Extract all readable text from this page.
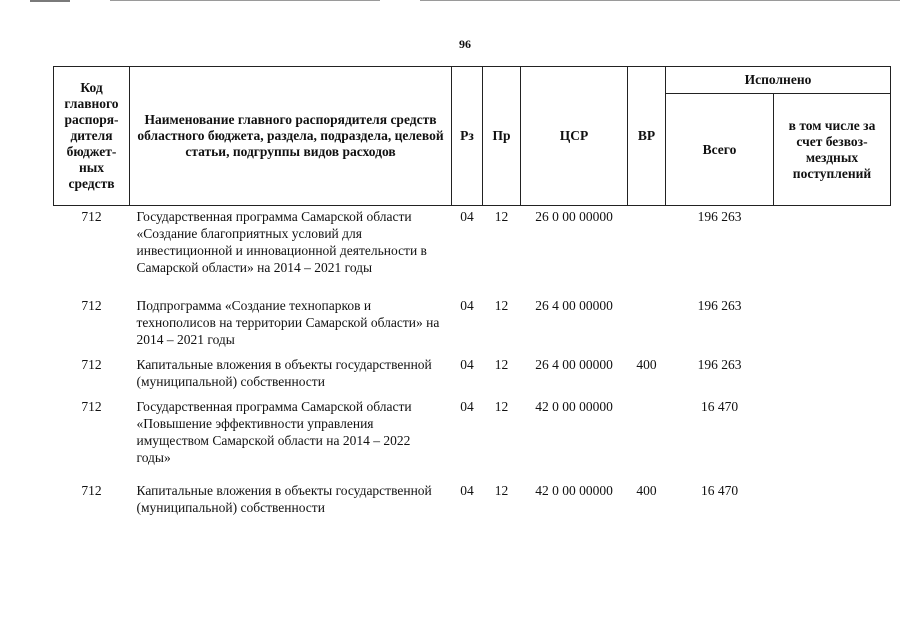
96
Код главного распоря-дителя бюджет-ных средств	Наименование главного распорядителя средств областного бюджета, раздела, подраздела, целевой статьи, подгруппы видов расходов	Рз	Пр	ЦСР	ВР	Исполнено	
						Всего	в том числе за счет безвоз-мездных поступлений
712	Государственная программа Самарской области «Создание благоприятных условий для инвестиционной и инновационной деятельности в Самарской области» на 2014 – 2021 годы	04	12	26 0 00 00000		196 263	
712	Подпрограмма «Создание технопарков и технополисов на территории Самарской области» на 2014 – 2021 годы	04	12	26 4 00 00000		196 263	
712	Капитальные вложения в объекты государственной (муниципальной) собственности	04	12	26 4 00 00000	400	196 263	
712	Государственная программа Самарской области «Повышение эффективности управления имуществом Самарской области на 2014 – 2022 годы»	04	12	42 0 00 00000		16 470	
712	Капитальные вложения в объекты государственной (муниципальной) собственности	04	12	42 0 00 00000	400	16 470	
